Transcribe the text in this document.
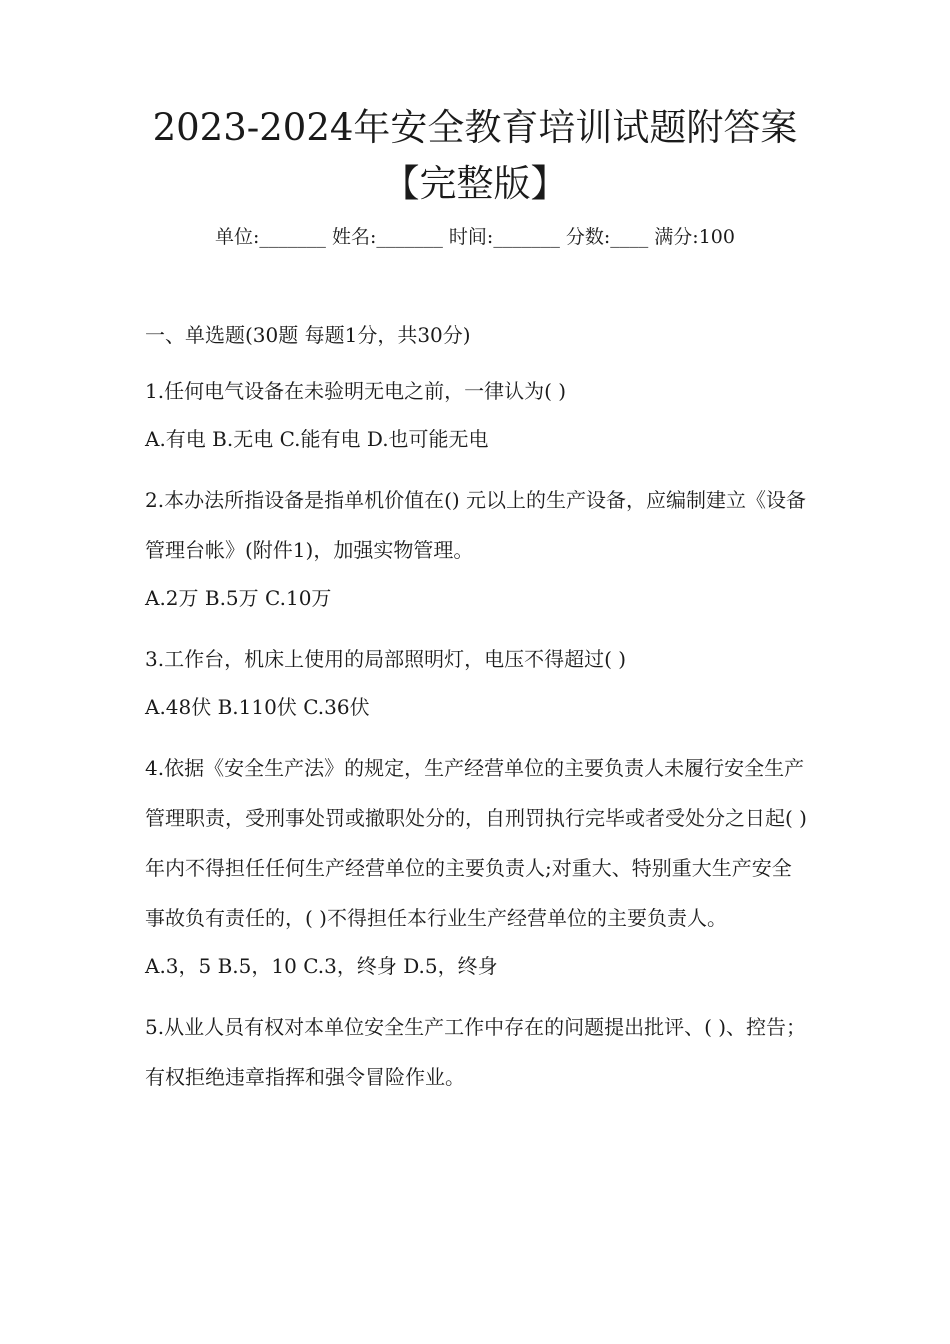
2023-2024年安全教育培训试题附答案【完整版】
单位:_______ 姓名:_______ 时间:_______ 分数:____ 满分:100
一、单选题(30题 每题1分，共30分)

1.任何电气设备在未验明无电之前，一律认为( )

A.有电 B.无电 C.能有电 D.也可能无电

2.本办法所指设备是指单机价值在() 元以上的生产设备，应编制建立《设备管理台帐》(附件1)，加强实物管理。

A.2万 B.5万 C.10万

3.工作台，机床上使用的局部照明灯，电压不得超过( )

A.48伏 B.110伏 C.36伏

4.依据《安全生产法》的规定，生产经营单位的主要负责人未履行安全生产管理职责，受刑事处罚或撤职处分的，自刑罚执行完毕或者受处分之日起( )年内不得担任任何生产经营单位的主要负责人;对重大、特别重大生产安全事故负有责任的，( )不得担任本行业生产经营单位的主要负责人。

A.3，5 B.5，10 C.3，终身 D.5，终身

5.从业人员有权对本单位安全生产工作中存在的问题提出批评、( )、控告；有权拒绝违章指挥和强令冒险作业。
